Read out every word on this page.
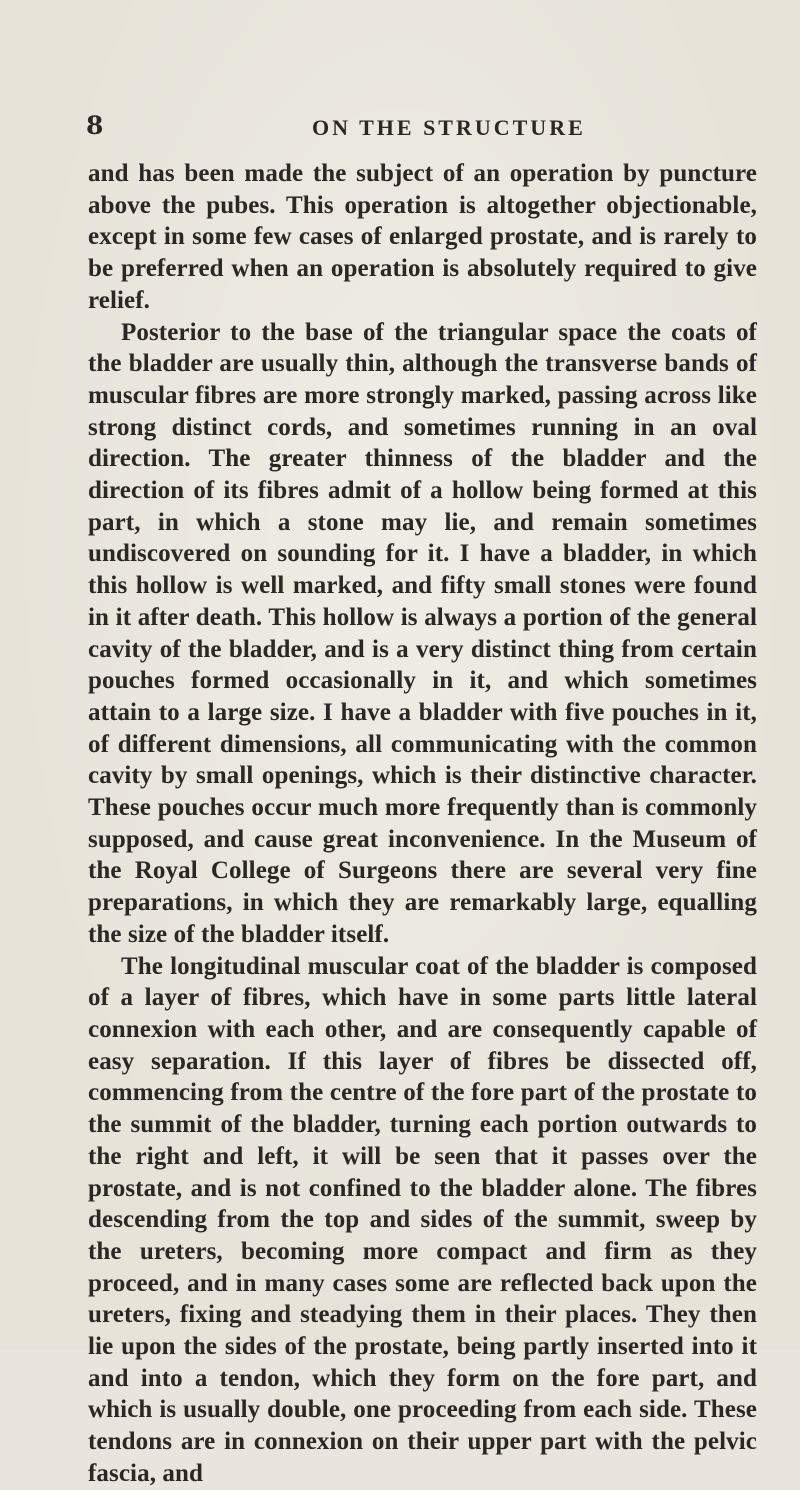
8	ON THE STRUCTURE

and has been made the subject of an operation by puncture above the pubes. This operation is altogether objectionable, except in some few cases of enlarged prostate, and is rarely to be preferred when an operation is absolutely required to give relief.

Posterior to the base of the triangular space the coats of the bladder are usually thin, although the transverse bands of muscular fibres are more strongly marked, passing across like strong distinct cords, and sometimes running in an oval direction. The greater thinness of the bladder and the direction of its fibres admit of a hollow being formed at this part, in which a stone may lie, and remain sometimes undiscovered on sounding for it. I have a bladder, in which this hollow is well marked, and fifty small stones were found in it after death. This hollow is always a portion of the general cavity of the bladder, and is a very distinct thing from certain pouches formed occasionally in it, and which sometimes attain to a large size. I have a bladder with five pouches in it, of different dimensions, all communicating with the common cavity by small openings, which is their distinctive character. These pouches occur much more frequently than is commonly supposed, and cause great inconvenience. In the Museum of the Royal College of Surgeons there are several very fine preparations, in which they are remarkably large, equalling the size of the bladder itself.

The longitudinal muscular coat of the bladder is composed of a layer of fibres, which have in some parts little lateral connexion with each other, and are consequently capable of easy separation. If this layer of fibres be dissected off, commencing from the centre of the fore part of the prostate to the summit of the bladder, turning each portion outwards to the right and left, it will be seen that it passes over the prostate, and is not confined to the bladder alone. The fibres descending from the top and sides of the summit, sweep by the ureters, becoming more compact and firm as they proceed, and in many cases some are reflected back upon the ureters, fixing and steadying them in their places. They then lie upon the sides of the prostate, being partly inserted into it and into a tendon, which they form on the fore part, and which is usually double, one proceeding from each side. These tendons are in connexion on their upper part with the pelvic fascia, and
